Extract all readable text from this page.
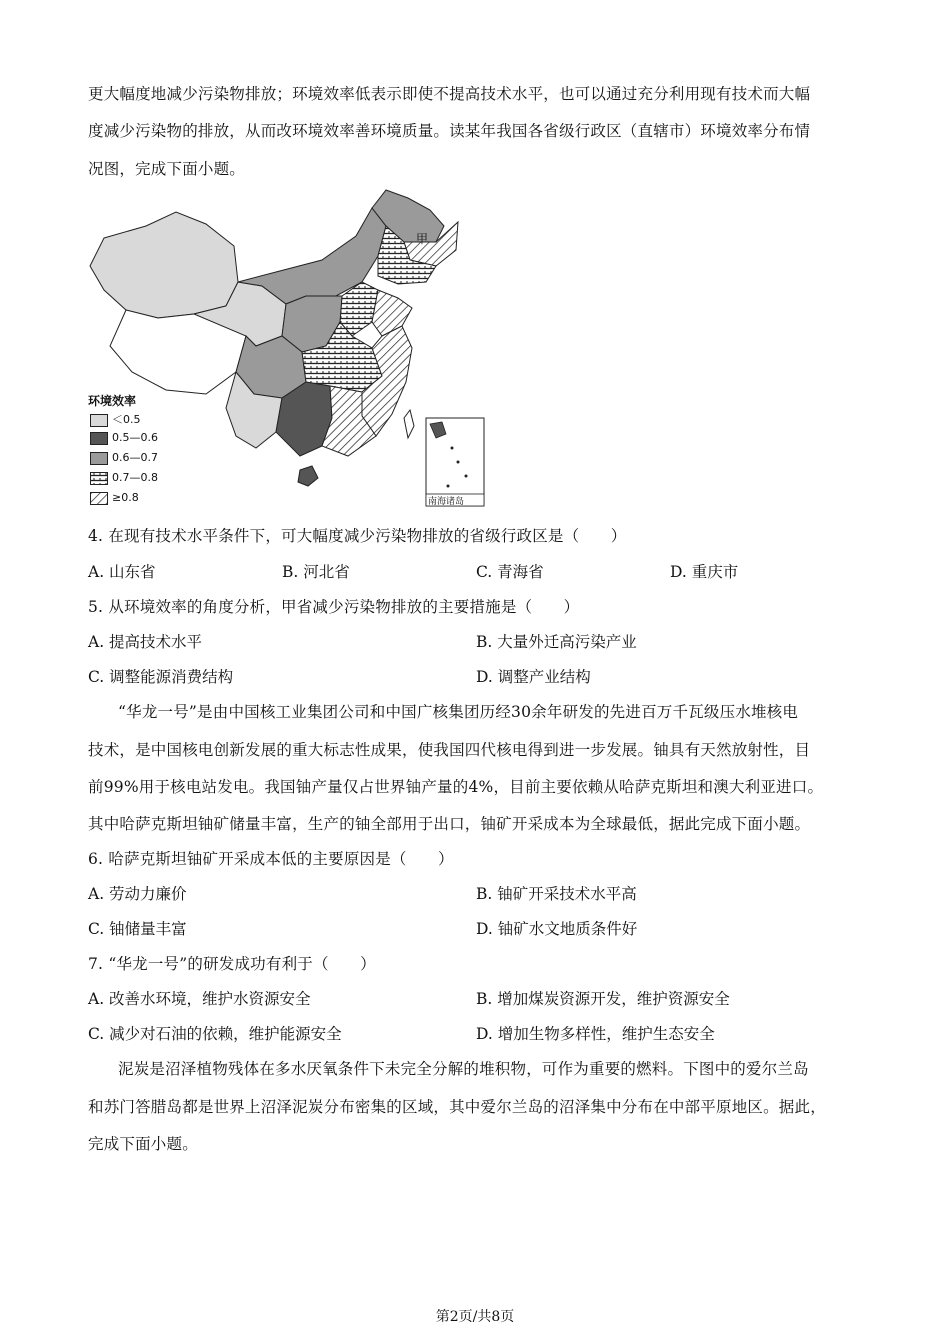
更大幅度地减少污染物排放；环境效率低表示即使不提高技术水平，也可以通过充分利用现有技术而大幅
度减少污染物的排放，从而改环境效率善环境质量。读某年我国各省级行政区（直辖市）环境效率分布情
况图，完成下面小题。
甲
南海诸岛
环境效率
＜0.5
0.5—0.6
0.6—0.7
0.7—0.8
≥0.8
4. 在现有技术水平条件下，可大幅度减少污染物排放的省级行政区是（　　）
A. 山东省	B. 河北省	C. 青海省	D. 重庆市
5. 从环境效率的角度分析，甲省减少污染物排放的主要措施是（　　）
A. 提高技术水平	B. 大量外迁高污染产业
C. 调整能源消费结构	D. 调整产业结构
“华龙一号”是由中国核工业集团公司和中国广核集团历经30余年研发的先进百万千瓦级压水堆核电
技术，是中国核电创新发展的重大标志性成果，使我国四代核电得到进一步发展。铀具有天然放射性，目
前99%用于核电站发电。我国铀产量仅占世界铀产量的4%，目前主要依赖从哈萨克斯坦和澳大利亚进口。
其中哈萨克斯坦铀矿储量丰富，生产的铀全部用于出口，铀矿开采成本为全球最低，据此完成下面小题。
6. 哈萨克斯坦铀矿开采成本低的主要原因是（　　）
A. 劳动力廉价	B. 铀矿开采技术水平高
C. 铀储量丰富	D. 铀矿水文地质条件好
7. “华龙一号”的研发成功有利于（　　）
A. 改善水环境，维护水资源安全	B. 增加煤炭资源开发，维护资源安全
C. 减少对石油的依赖，维护能源安全	D. 增加生物多样性，维护生态安全
泥炭是沼泽植物残体在多水厌氧条件下未完全分解的堆积物，可作为重要的燃料。下图中的爱尔兰岛
和苏门答腊岛都是世界上沼泽泥炭分布密集的区域，其中爱尔兰岛的沼泽集中分布在中部平原地区。据此，
完成下面小题。
第2页/共8页
